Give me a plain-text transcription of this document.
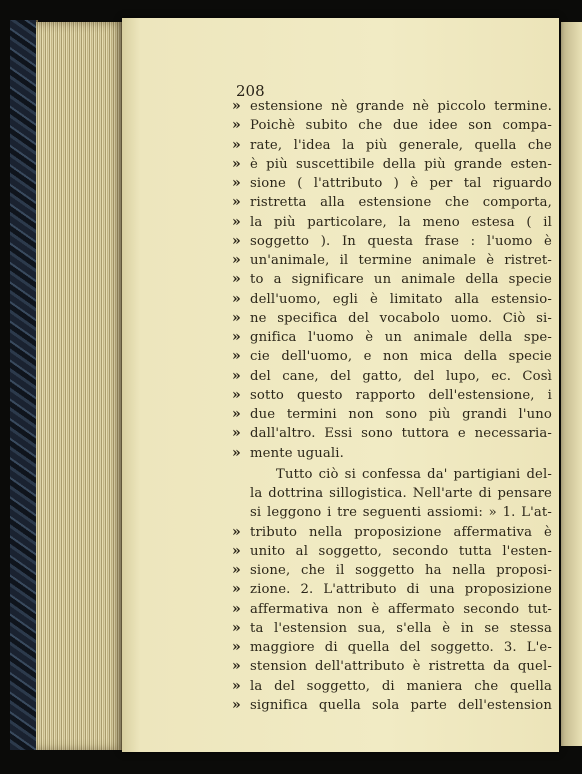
208
» estensione nè grande nè piccolo termine.
» Poichè subito che due idee son compa-
» rate, l'idea la più generale, quella che
» è più suscettibile della più grande esten-
» sione ( l'attributo ) è per tal riguardo
» ristretta alla estensione che comporta,
» la più particolare, la meno estesa ( il
» soggetto ). In questa frase : l'uomo è
» un'animale, il termine animale è ristret-
» to a significare un animale della specie
» dell'uomo, egli è limitato alla estensio-
» ne specifica del vocabolo uomo. Ciò si-
» gnifica l'uomo è un animale della spe-
» cie dell'uomo, e non mica della specie
» del cane, del gatto, del lupo, ec. Così
» sotto questo rapporto dell'estensione, i
» due termini non sono più grandi l'uno
» dall'altro. Essi sono tuttora e necessaria-
» mente uguali.
Tutto ciò si confessa da' partigiani del-
la dottrina sillogistica. Nell'arte di pensare
si leggono i tre seguenti assiomi: » 1. L'at-
» tributo nella proposizione affermativa è
» unito al soggetto, secondo tutta l'esten-
» sione, che il soggetto ha nella proposi-
» zione. 2. L'attributo di una proposizione
» affermativa non è affermato secondo tut-
» ta l'estension sua, s'ella è in se stessa
» maggiore di quella del soggetto. 3. L'e-
» stension dell'attributo è ristretta da quel-
» la del soggetto, di maniera che quella
» significa quella sola parte dell'estension
